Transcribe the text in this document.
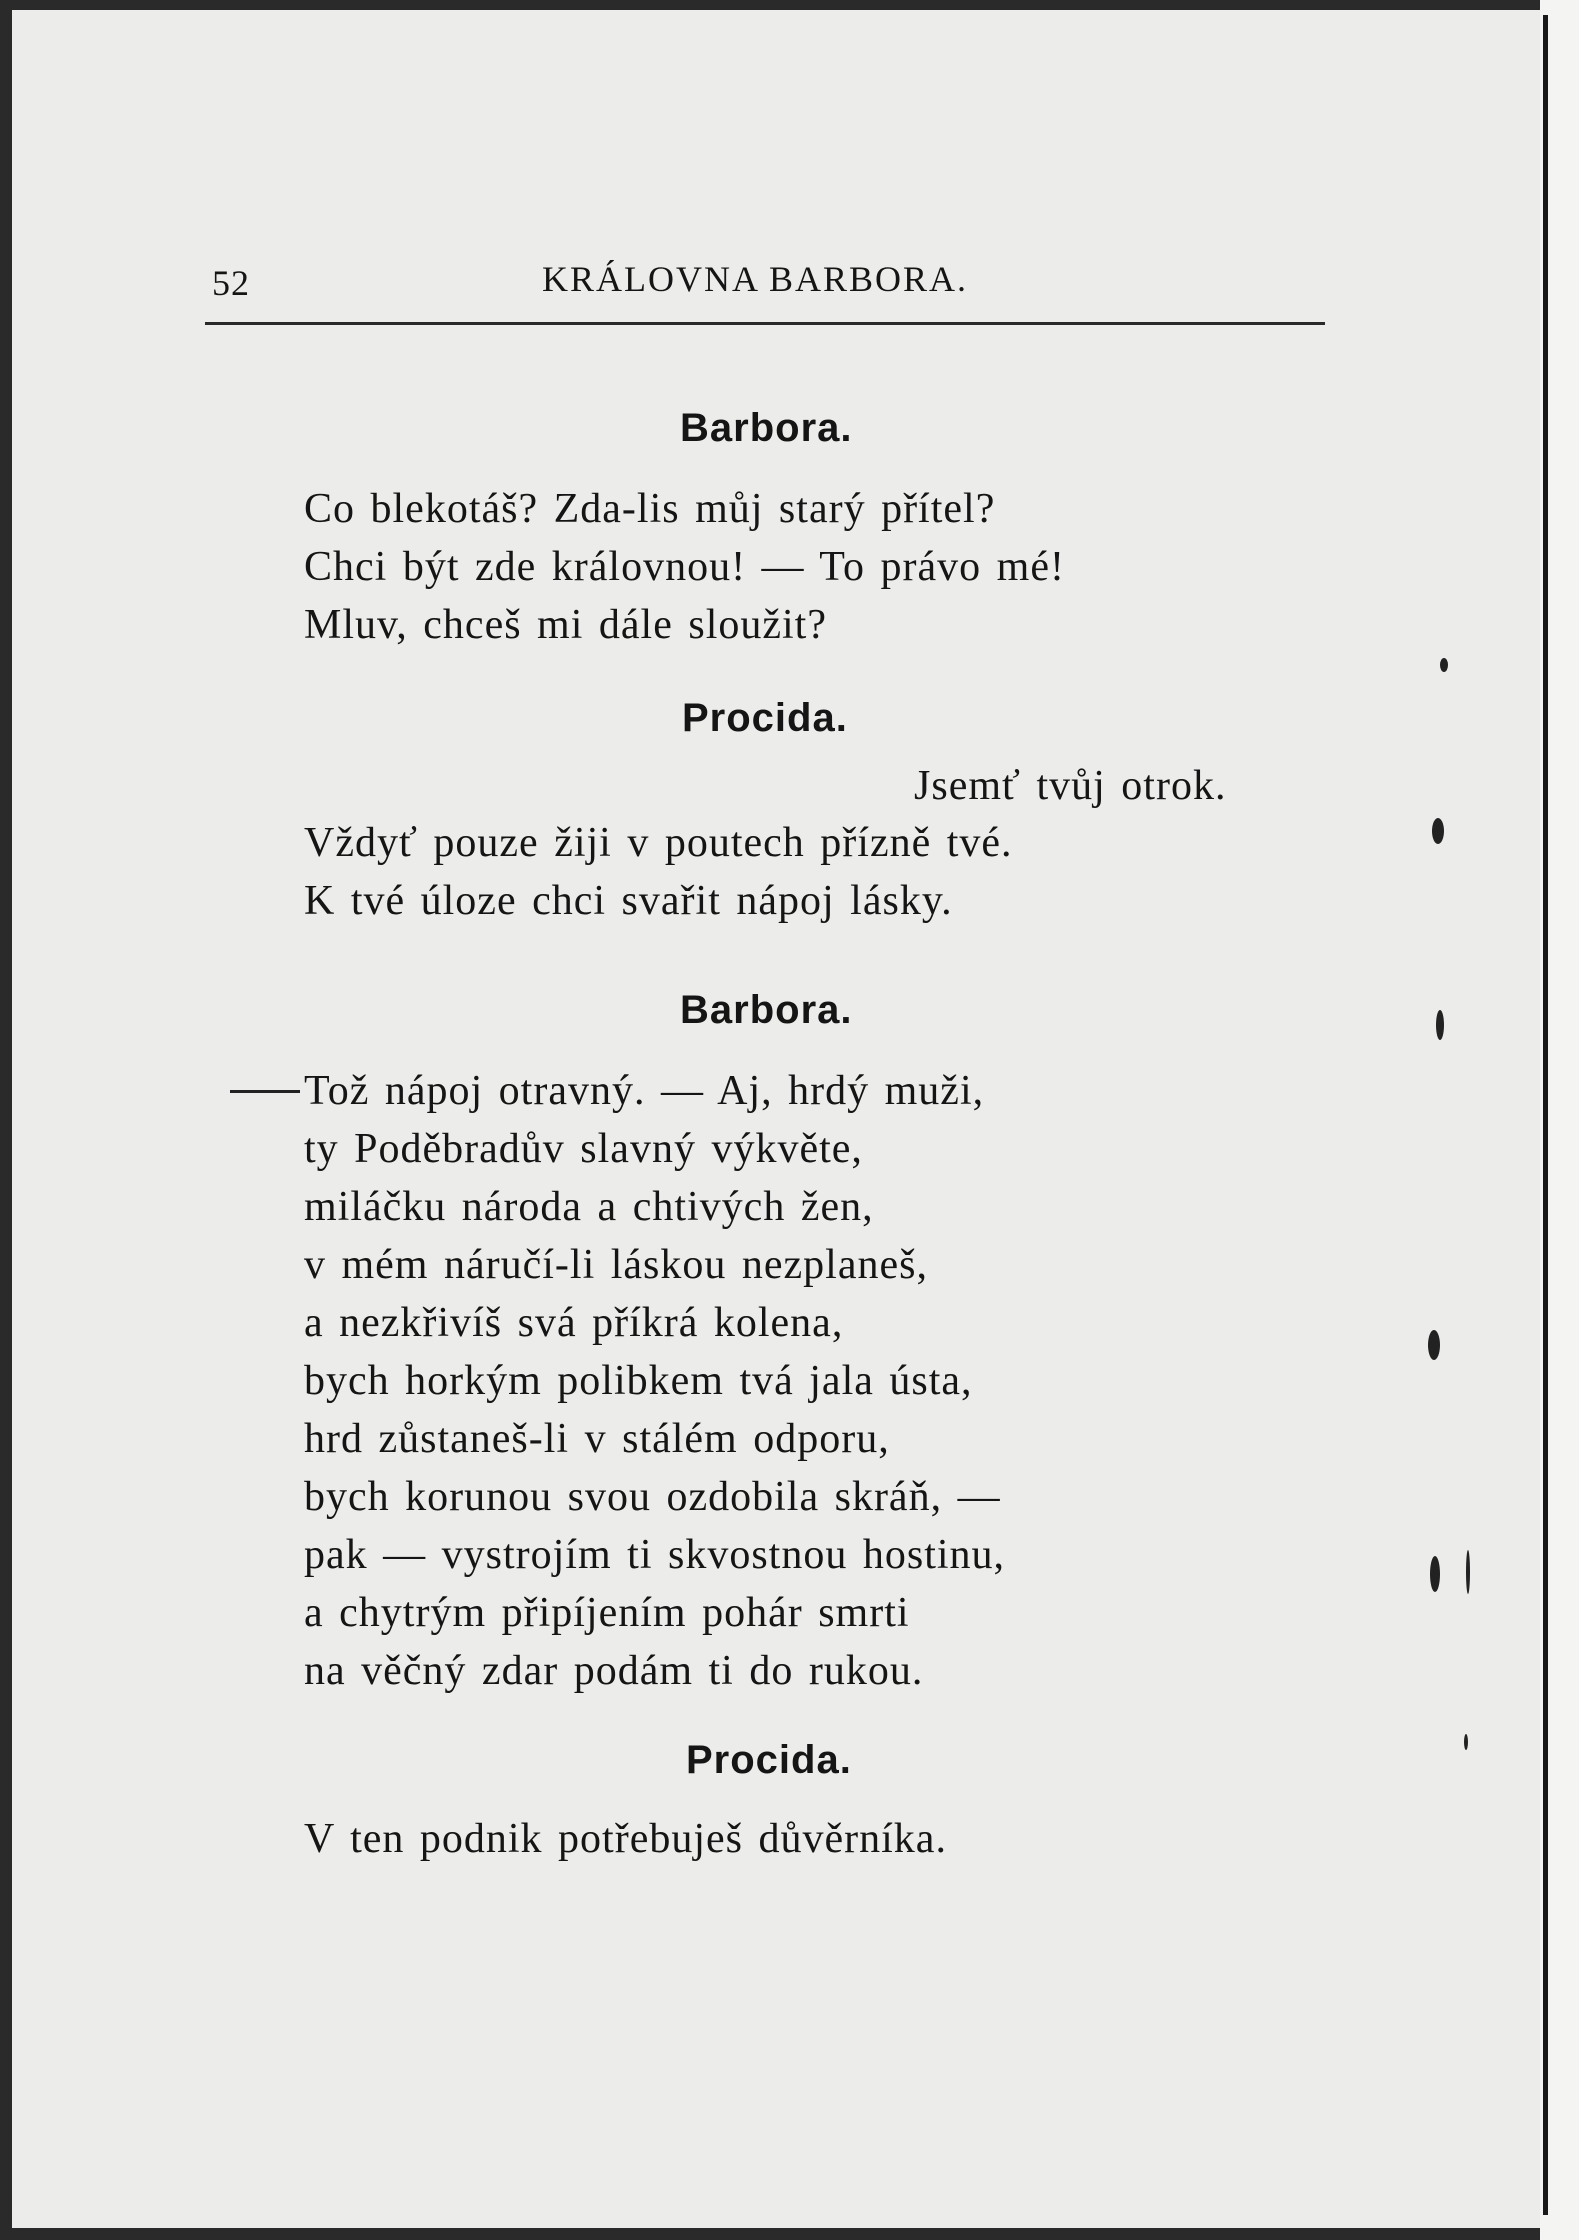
52	KRÁLOVNA BARBORA.
Barbora.
Co blekotáš? Zda-lis můj starý přítel?
Chci být zde královnou! — To právo mé!
Mluv, chceš mi dále sloužit?
Procida.
Jsemť tvůj otrok.
Vždyť pouze žiji v poutech přízně tvé.
K tvé úloze chci svařit nápoj lásky.
Barbora.
Tož nápoj otravný. — Aj, hrdý muži,
ty Poděbradův slavný výkvěte,
miláčku národa a chtivých žen,
v mém náručí-li láskou nezplaneš,
a nezkřivíš svá příkrá kolena,
bych horkým polibkem tvá jala ústa,
hrd zůstaneš-li v stálém odporu,
bych korunou svou ozdobila skráň, —
pak — vystrojím ti skvostnou hostinu,
a chytrým připíjením pohár smrti
na věčný zdar podám ti do rukou.
Procida.
V ten podnik potřebuješ důvěrníka.
